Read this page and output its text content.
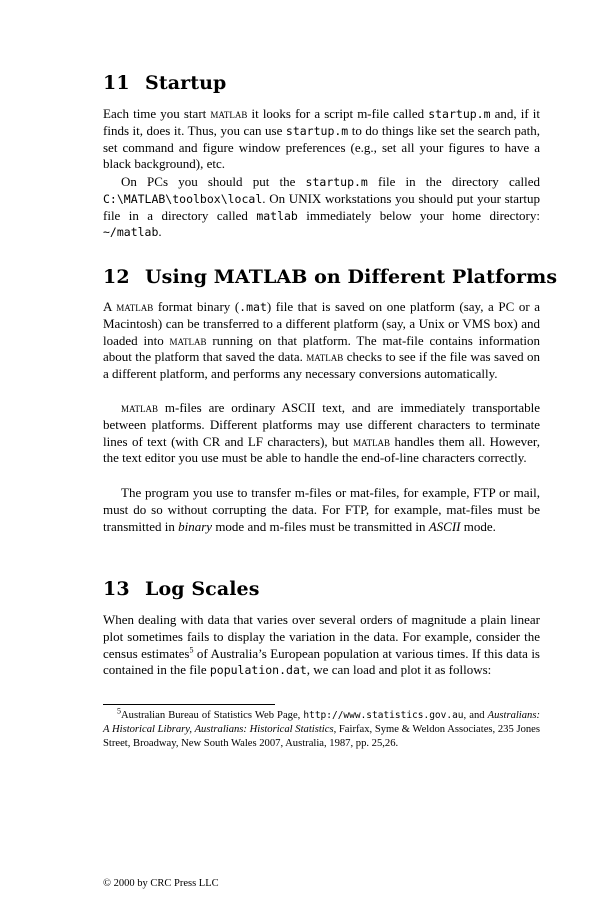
11 Startup
Each time you start matlab it looks for a script m-file called startup.m and, if it finds it, does it. Thus, you can use startup.m to do things like set the search path, set command and figure window preferences (e.g., set all your figures to have a black background), etc.
On PCs you should put the startup.m file in the directory called C:\MATLAB\toolbox\local. On UNIX workstations you should put your startup file in a directory called matlab immediately below your home directory: ~/matlab.
12 Using MATLAB on Different Platforms
A matlab format binary (.mat) file that is saved on one platform (say, a PC or a Macintosh) can be transferred to a different platform (say, a Unix or VMS box) and loaded into matlab running on that platform. The mat-file contains information about the platform that saved the data. matlab checks to see if the file was saved on a different platform, and performs any necessary conversions automatically.
matlab m-files are ordinary ASCII text, and are immediately transportable between platforms. Different platforms may use different characters to terminate lines of text (with CR and LF characters), but matlab handles them all. However, the text editor you use must be able to handle the end-of-line characters correctly.
The program you use to transfer m-files or mat-files, for example, FTP or mail, must do so without corrupting the data. For FTP, for example, mat-files must be transmitted in binary mode and m-files must be transmitted in ASCII mode.
13 Log Scales
When dealing with data that varies over several orders of magnitude a plain linear plot sometimes fails to display the variation in the data. For example, consider the census estimates$^5$ of Australia’s European population at various times. If this data is contained in the file population.dat, we can load and plot it as follows:
$^5$Australian Bureau of Statistics Web Page, http://www.statistics.gov.au, and Australians: A Historical Library, Australians: Historical Statistics, Fairfax, Syme & Weldon Associates, 235 Jones Street, Broadway, New South Wales 2007, Australia, 1987, pp. 25,26.
© 2000 by CRC Press LLC
